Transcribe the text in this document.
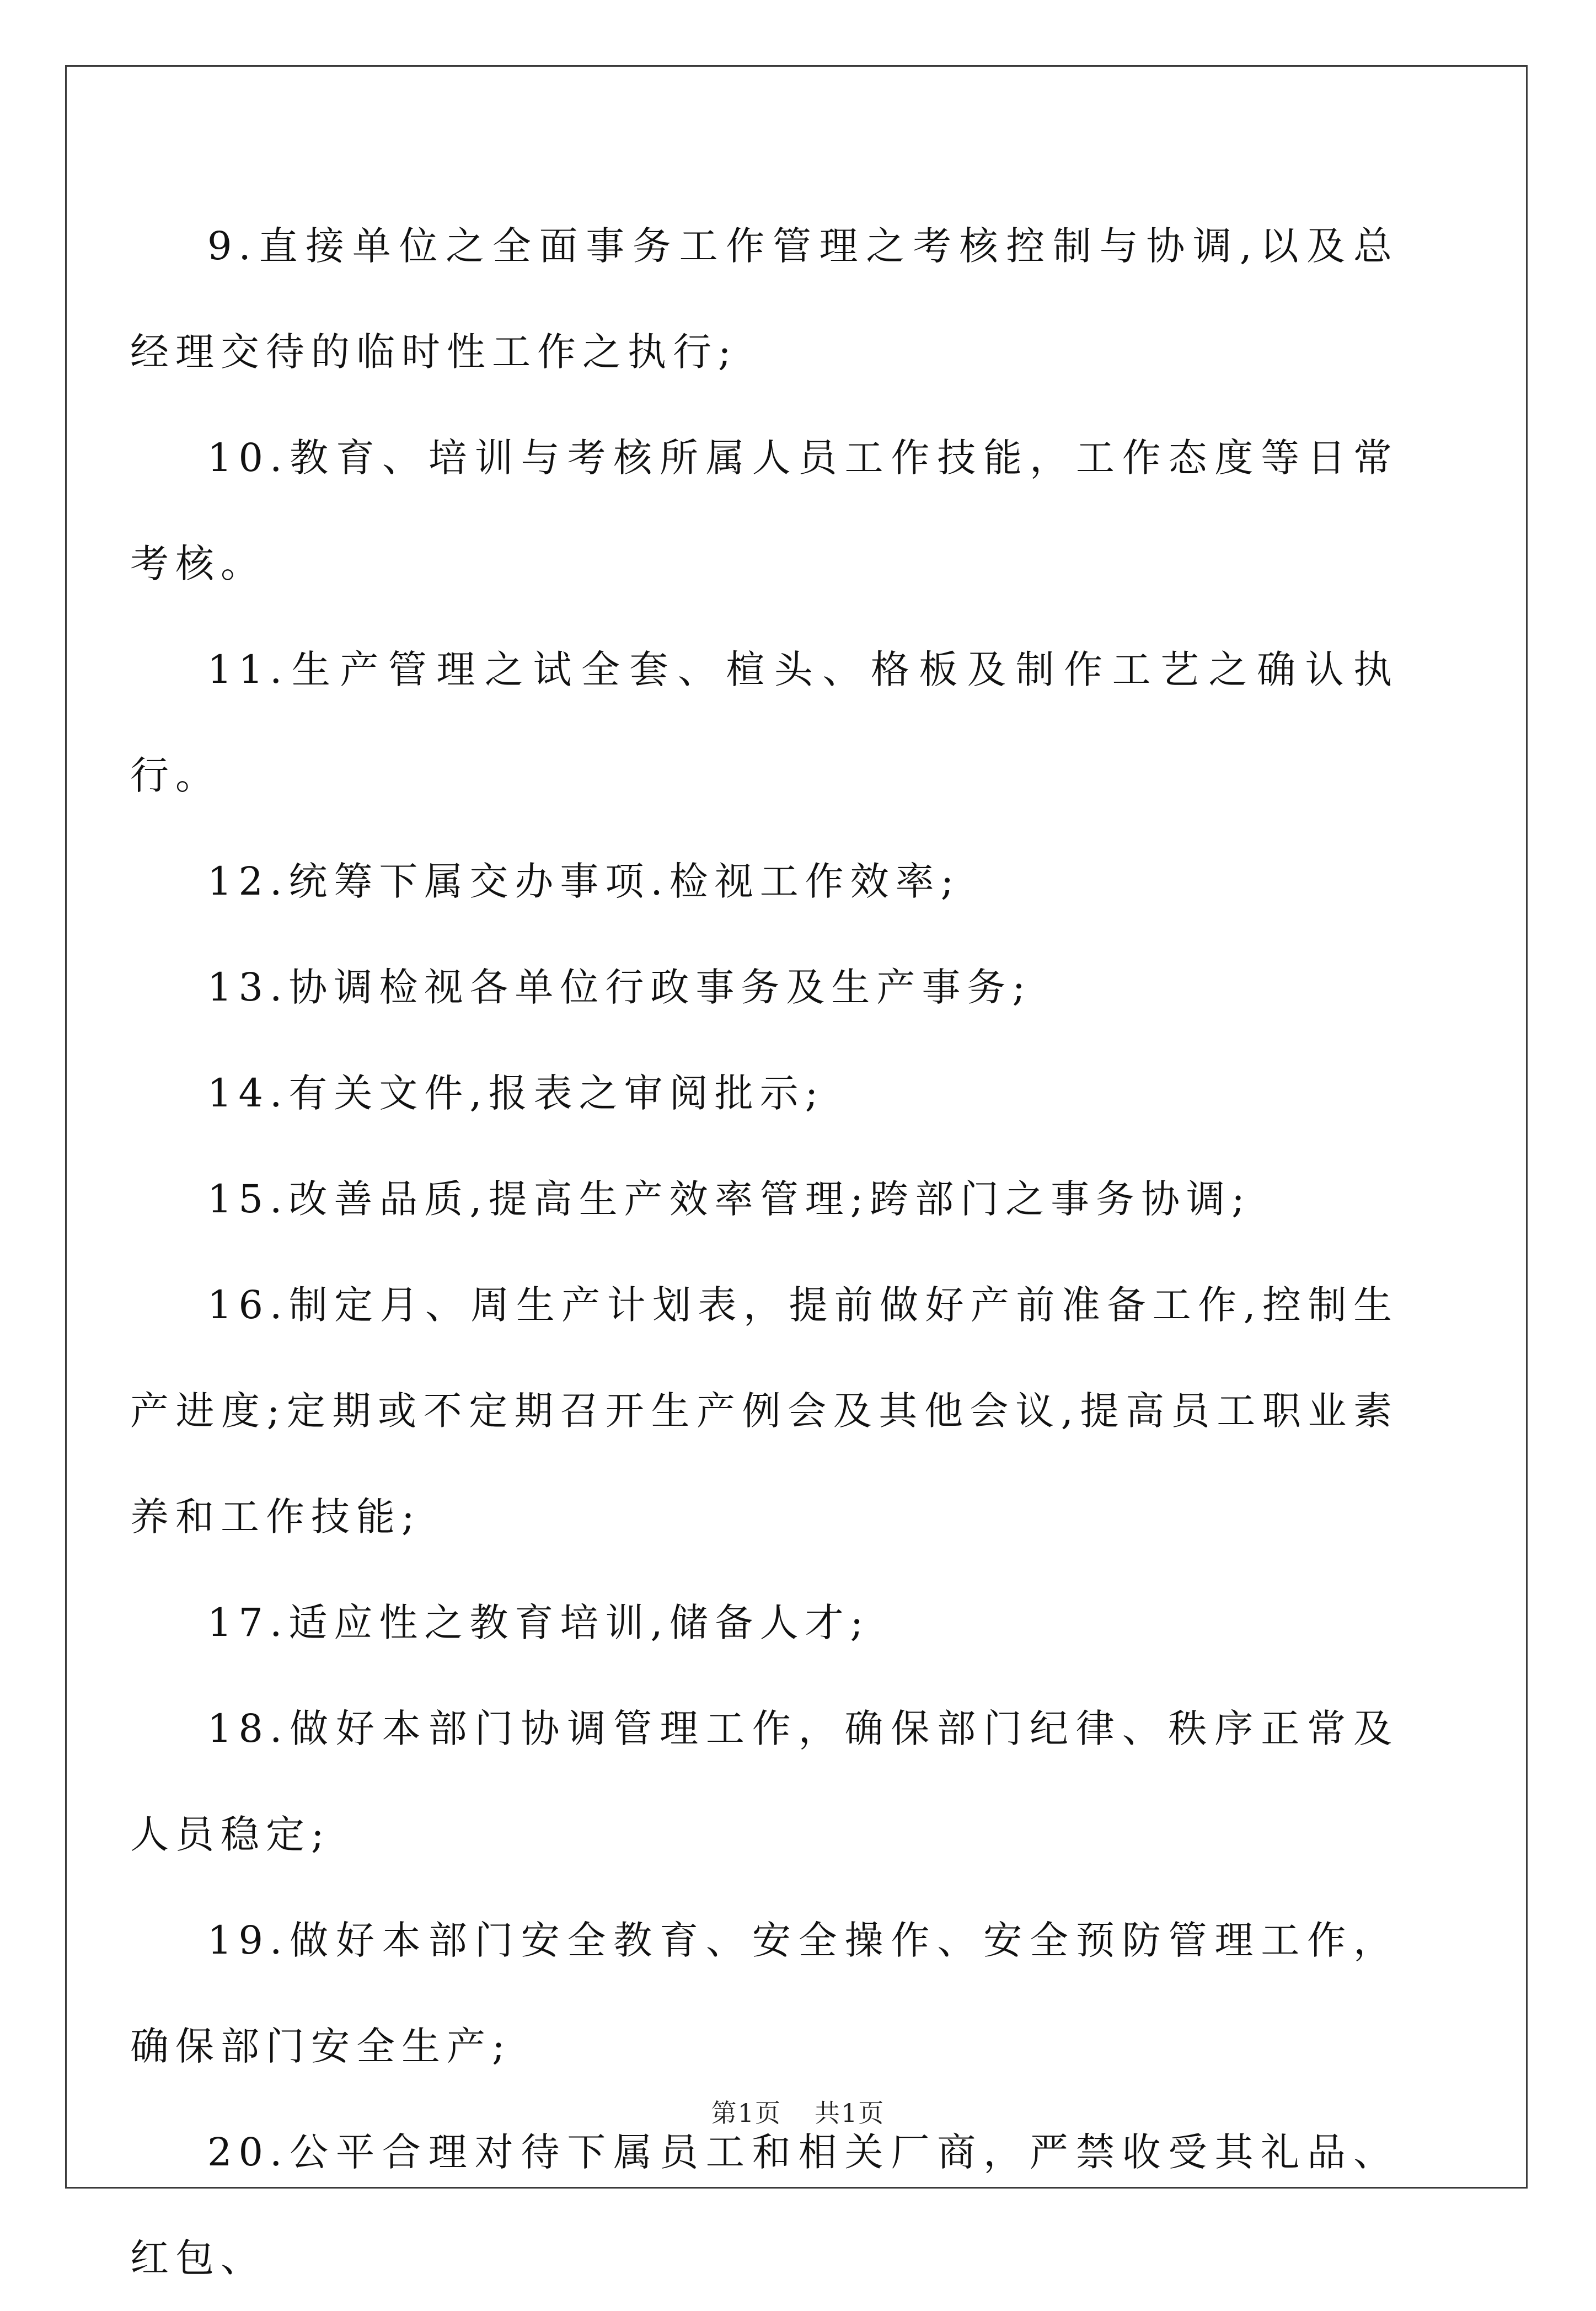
9.直接单位之全面事务工作管理之考核控制与协调,以及总经理交待的临时性工作之执行;

10.教育、培训与考核所属人员工作技能，工作态度等日常考核。

11.生产管理之试全套、楦头、格板及制作工艺之确认执行。

12.统筹下属交办事项.检视工作效率;

13.协调检视各单位行政事务及生产事务;

14.有关文件,报表之审阅批示;

15.改善品质,提高生产效率管理;跨部门之事务协调;

16.制定月、周生产计划表，提前做好产前准备工作,控制生产进度;定期或不定期召开生产例会及其他会议,提高员工职业素养和工作技能;

17.适应性之教育培训,储备人才;

18.做好本部门协调管理工作，确保部门纪律、秩序正常及人员稳定;

19.做好本部门安全教育、安全操作、安全预防管理工作，确保部门安全生产;

20.公平合理对待下属员工和相关厂商，严禁收受其礼品、红包、

第1页 共1页
